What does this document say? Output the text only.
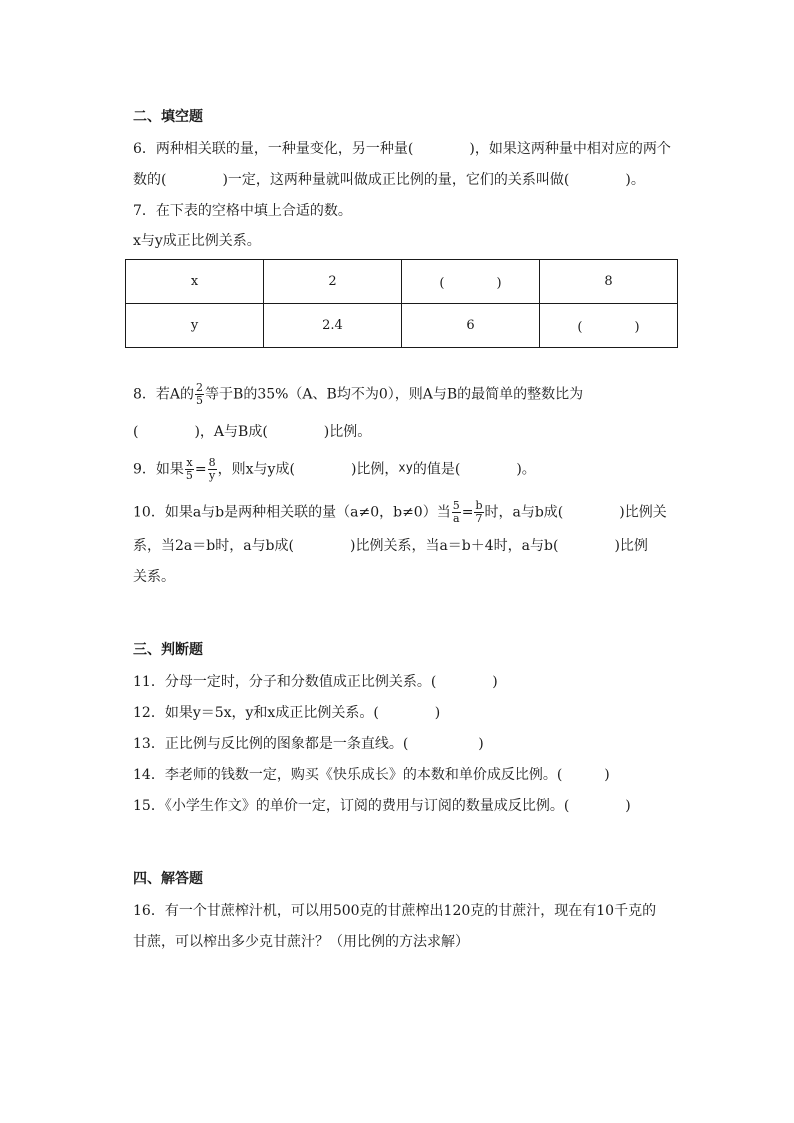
二、填空题
6．两种相关联的量，一种量变化，另一种量(	)，如果这两种量中相对应的两个
数的(	)一定，这两种量就叫做成正比例的量，它们的关系叫做(	)。
7．在下表的空格中填上合适的数。
x与y成正比例关系。
x	2	(　　　　)	8
y	2.4	6	(　　　　)
8．若A的 $\frac{2}{5}$ 等于B的35%（A、B均不为0），则A与B的最简单的整数比为
(	)，A与B成(	)比例。
9．如果 $\frac{x}{5} = \frac{8}{y}$ ，则x与y成(	)比例，xy的值是(	)。
10．如果a与b是两种相关联的量（a≠0，b≠0）当 $\frac{5}{a} = \frac{b}{7}$ 时，a与b成(	)比例关
系，当2a＝b时，a与b成(	)比例关系，当a＝b＋4时，a与b(	)比例
关系。
三、判断题
11．分母一定时，分子和分数值成正比例关系。(　　　　)
12．如果y＝5x，y和x成正比例关系。(　　　　)
13．正比例与反比例的图象都是一条直线。(　　　　　)
14．李老师的钱数一定，购买《快乐成长》的本数和单价成反比例。(　　　)
15．《小学生作文》的单价一定，订阅的费用与订阅的数量成反比例。(　　　　)
四、解答题
16．有一个甘蔗榨汁机，可以用500克的甘蔗榨出120克的甘蔗汁，现在有10千克的
甘蔗，可以榨出多少克甘蔗汁？（用比例的方法求解）
